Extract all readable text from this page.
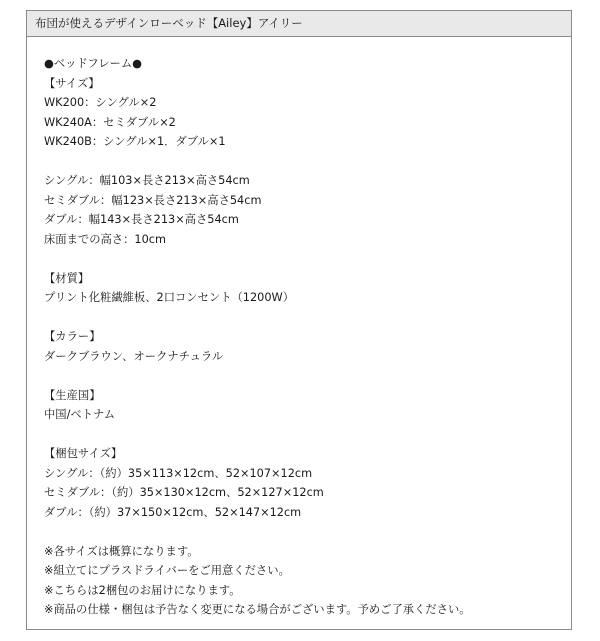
布団が使えるデザインローベッド【Ailey】アイリー
●ベッドフレーム●
【サイズ】
WK200：シングル×2
WK240A：セミダブル×2
WK240B：シングル×1．ダブル×1
シングル：幅103×長さ213×高さ54cm
セミダブル：幅123×長さ213×高さ54cm
ダブル：幅143×長さ213×高さ54cm
床面までの高さ：10cm
【材質】
プリント化粧繊維板、2口コンセント（1200W）
【カラー】
ダークブラウン、オークナチュラル
【生産国】
中国/ベトナム
【梱包サイズ】
シングル：（約）35×113×12cm、52×107×12cm
セミダブル：（約）35×130×12cm、52×127×12cm
ダブル：（約）37×150×12cm、52×147×12cm
※各サイズは概算になります。
※組立てにプラスドライバーをご用意ください。
※こちらは2梱包のお届けになります。
※商品の仕様・梱包は予告なく変更になる場合がございます。予めご了承ください。
